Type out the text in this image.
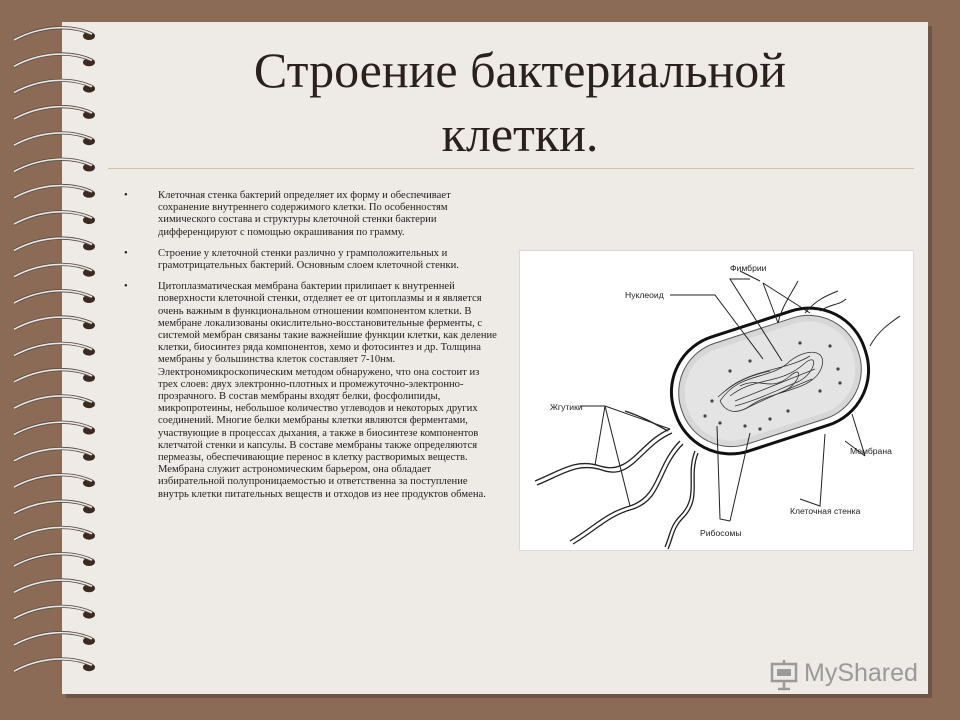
Строение бактериальной
клетки.
•	Клеточная стенка бактерий определяет их форму и обеспечивает сохранение внутреннего содержимого клетки. По особенностям химического состава и структуры клеточной стенки бактерии дифференцируют с помощью окрашивания по грамму.
•	Строение у клеточной стенки различно у грамположительных и грамотрицательных бактерий. Основным слоем клеточной стенки.
•	Цитоплазматическая мембрана бактерии прилипает к внутренней поверхности клеточной стенки, отделяет ее от цитоплазмы и я является очень важным в функциональном отношении компонентом клетки. В мембране локализованы окислительно-восстановительные ферменты, с системой мембран связаны такие важнейшие функции клетки, как деление клетки, биосинтез ряда компонентов, хемо и фотосинтез и др. Толщина мембраны у большинства клеток составляет 7-10нм. Электрономикроскопическим методом обнаружено, что она состоит из трех слоев: двух электронно-плотных и промежуточно-электронно-прозрачного. В состав мембраны входят белки, фосфолипиды, микропротеины, небольшое количество углеводов и некоторых других соединений. Многие белки мембраны клетки являются ферментами, участвующие в процессах дыхания, а также в биосинтезе компонентов клетчатой стенки и капсулы. В составе мембраны также определяются пермеазы, обеспечивающие перенос в клетку растворимых веществ. Мембрана служит астрономическим барьером, она обладает избирательной полупроницаемостью и ответственна за поступление внутрь клетки питательных веществ и отходов из нее продуктов обмена.
Фимбрии
Нуклеоид
Жгутики
Мембрана
Клеточная стенка
Рибосомы
MyShared
